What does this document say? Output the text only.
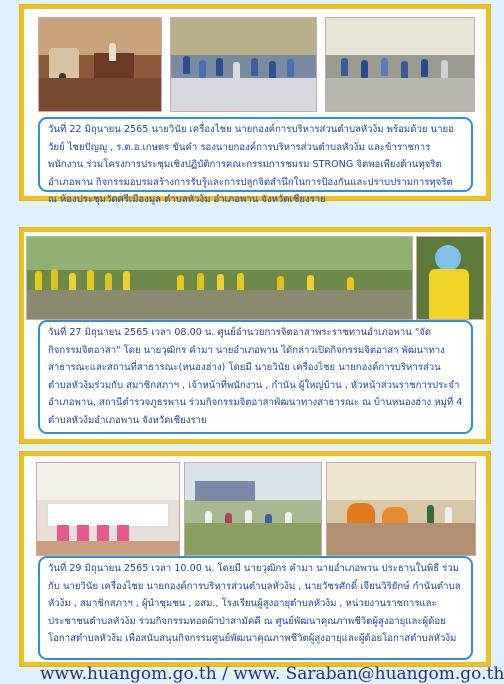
วันที่ 22 มิถุนายน 2565 นายวินัย เครื่องไชย นายกองค์การบริหารส่วนตำบลหัวง้ม พร้อมด้วย นายอวัยย์ ไชยปัญญู , ร.ต.อ.เกษตร ขันคำ รองนายกองค์การบริหารส่วนตำบลหัวง้ม และข้าราชการ พนักงาน ร่วมโครงการประชุมเชิงปฏิบัติการคณะกรรมการชมรม STRONG จิตพอเพียงต้านทุจริต อำเภอพาน กิจกรรมอบรมสร้างการรับรู้และการปลูกจิตสำนึกในการป้องกันและปราบปรามการทุจริต ณ ห้องประชุมวัดศรีเมืองมูล ตำบลหัวง้ม อำเภอพาน จังหวัดเชียงราย
วันที่ 27 มิถุนายน 2565 เวลา 08.00 น. ศูนย์อำนวยการจิตอาสาพระราชทานอำเภอพาน "จัดกิจกรรมจิตอาสา" โดย นายวุฒิกร คำมา นายอำเภอพาน ได้กล่าวเปิดกิจกรรมจิตอาสา พัฒนาทางสาธารณะและสถานที่สาธารณะ(หนองฮ่าง) โดยมี นายวินัย เครื่องไชย นายกองค์การบริหารส่วนตำบลหัวง้มร่วมกับ สมาชิกสภาฯ , เจ้าหน้าที่พนักงาน , กำนัน ผู้ใหญ่บ้าน , หัวหน้าส่วนราชการประจำอำเภอพาน, สถานีตำรวจภูธรพาน ร่วมกิจกรรมจิตอาสาพัฒนาทางสาธารณะ ณ บ้านหนองฮ่าง หมู่ที่ 4 ตำบลหัวง้มอำเภอพาน จังหวัดเชียงราย
วันที่ 29 มิถุนายน 2565 เวลา 10.00 น. โดยมี นายวุฒิกร คำมา นายอำเภอพาน ประธานในพิธี ร่วมกับ นายวินัย เครื่องไชย นายกองค์การบริหารส่วนตำบลหัวง้ม , นายวัชรศักดิ์ เจียนวิริยักษ์ กำนันตำบลหัวง้ม , สมาชิกสภาฯ , ผู้นำชุมชน , อสม., โรงเรียนผู้สูงอายุตำบลหัวง้ม , หน่วยงานราชการและประชาชนตำบลหัวง้ม ร่วมกิจกรรมทอดผ้าป่าสามัคคี ณ ศูนย์พัฒนาคุณภาพชีวิตผู้สูงอายุและผู้ด้อยโอกาสตำบลหัวง้ม เพื่อสนับสนุนกิจกรรมศูนย์พัฒนาคุณภาพชีวิตผู้สูงอายุและผู้ด้อยโอกาสตำบลหัวง้ม
www.huangom.go.th / www. Saraban@huangom.go.th
